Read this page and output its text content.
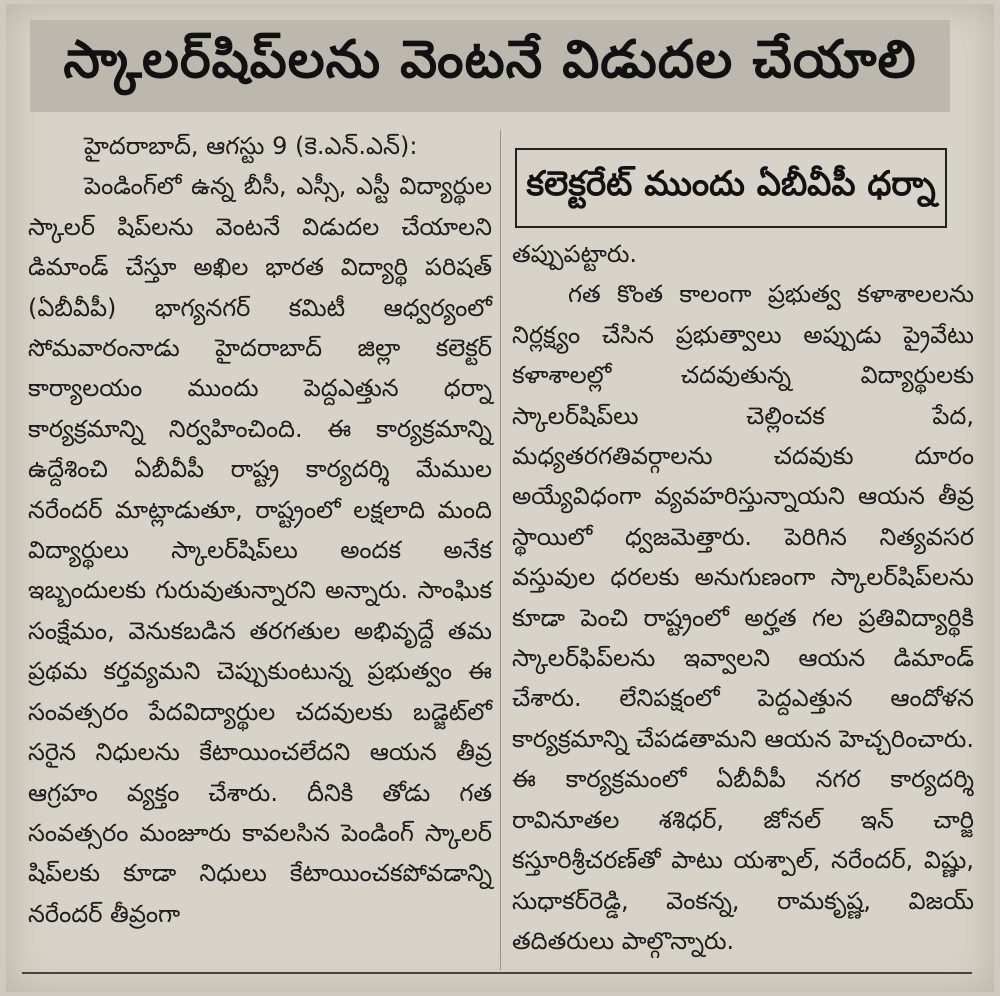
స్కాలర్‌షిప్‌లను వెంటనే విడుదల చేయాలి
హైదరాబాద్, ఆగస్టు 9 (కె.ఎన్.ఎన్):

పెండింగ్‌లో ఉన్న బీసీ, ఎస్సీ, ఎస్టీ విద్యార్థుల స్కాలర్ షిప్‌లను వెంటనే విడుదల చేయాలని డిమాండ్ చేస్తూ అఖిల భారత విద్యార్థి పరిషత్ (ఏబీవీపీ) భాగ్యనగర్ కమిటీ ఆధ్వర్యంలో సోమవారంనాడు హైదరాబాద్ జిల్లా కలెక్టర్ కార్యాలయం ముందు పెద్దఎత్తున ధర్నా కార్యక్రమాన్ని నిర్వహించింది. ఈ కార్యక్రమాన్ని ఉద్దేశించి ఏబీవీపీ రాష్ట్ర కార్యదర్శి మేముల నరేందర్ మాట్లాడుతూ, రాష్ట్రంలో లక్షలాది మంది విద్యార్థులు స్కాలర్‌షిప్‌లు అందక అనేక ఇబ్బందులకు గురువుతున్నారని అన్నారు. సాంఘిక సంక్షేమం, వెనుకబడిన తరగతుల అభివృద్దే తమ ప్రథమ కర్తవ్యమని చెప్పుకుంటున్న ప్రభుత్వం ఈ సంవత్సరం పేదవిద్యార్థుల చదవులకు బడ్జెట్‌లో సరైన నిధులను కేటాయించలేదని ఆయన తీవ్ర ఆగ్రహం వ్యక్తం చేశారు. దీనికి తోడు గత సంవత్సరం మంజూరు కావలసిన పెండింగ్ స్కాలర్ షిప్‌లకు కూడా నిధులు కేటాయించకపోవడాన్ని నరేందర్ తీవ్రంగా

కలెక్టరేట్ ముందు ఏబీవీపీ ధర్నా

తప్పుపట్టారు.

గత కొంత కాలంగా ప్రభుత్వ కళాశాలలను నిర్లక్ష్యం చేసిన ప్రభుత్వాలు అప్పుడు ప్రైవేటు కళాశాలల్లో చదవుతున్న విద్యార్థులకు స్కాలర్‌షిప్‌లు చెల్లించక పేద, మధ్యతరగతివర్గాలను చదవుకు దూరం అయ్యేవిధంగా వ్యవహరిస్తున్నాయని ఆయన తీవ్ర స్థాయిలో ధ్వజమెత్తారు. పెరిగిన నిత్యవసర వస్తువుల ధరలకు అనుగుణంగా స్కాలర్‌షిప్‌లను కూడా పెంచి రాష్ట్రంలో అర్హత గల ప్రతివిద్యార్థికి స్కాలర్‌ఫిప్‌లను ఇవ్వాలని ఆయన డిమాండ్ చేశారు. లేనిపక్షంలో పెద్దఎత్తున ఆందోళన కార్యక్రమాన్ని చేపడతామని ఆయన హెచ్చరించారు. ఈ కార్యక్రమంలో ఏబీవీపీ నగర కార్యదర్శి రావినూతల శశిధర్, జోనల్ ఇన్ చార్జి కస్తూరిశ్రీచరణ్‌తో పాటు యశ్పాల్, నరేందర్, విష్ణు, సుధాకర్‌రెడ్డి, వెంకన్న, రామకృష్ణ, విజయ్ తదితరులు పాల్గొన్నారు.
